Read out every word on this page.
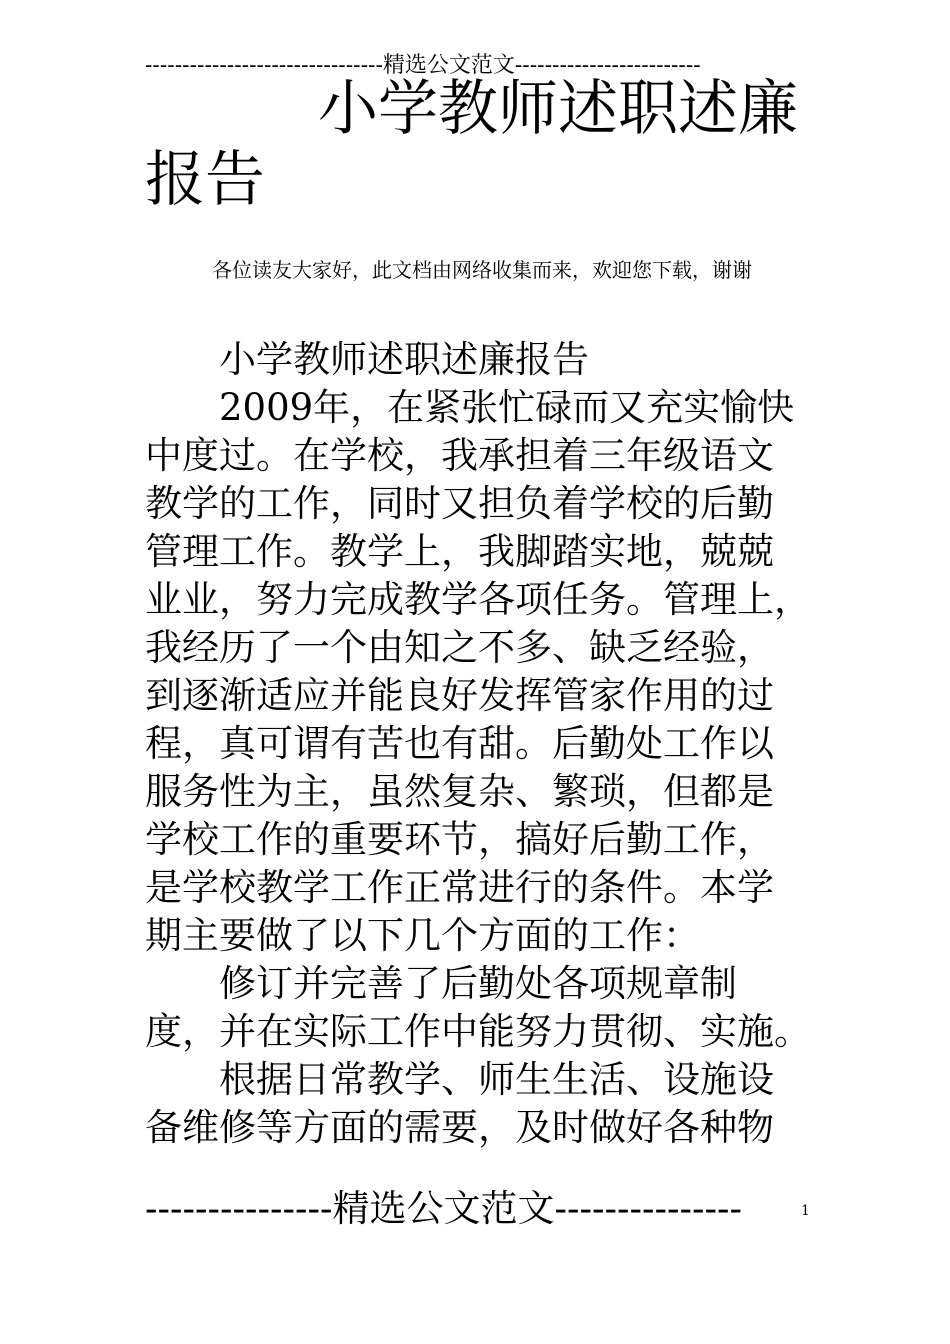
--------------------------------精选公文范文-------------------------
小学教师述职述廉
报告
各位读友大家好，此文档由网络收集而来，欢迎您下载，谢谢
　　小学教师述职述廉报告
　　2009年，在紧张忙碌而又充实愉快
中度过。在学校，我承担着三年级语文
教学的工作，同时又担负着学校的后勤
管理工作。教学上，我脚踏实地，兢兢
业业，努力完成教学各项任务。管理上，
我经历了一个由知之不多、缺乏经验，
到逐渐适应并能良好发挥管家作用的过
程，真可谓有苦也有甜。后勤处工作以
服务性为主，虽然复杂、繁琐，但都是
学校工作的重要环节，搞好后勤工作，
是学校教学工作正常进行的条件。本学
期主要做了以下几个方面的工作：
　　修订并完善了后勤处各项规章制
度，并在实际工作中能努力贯彻、实施。
　　根据日常教学、师生生活、设施设
备维修等方面的需要，及时做好各种物
---------------精选公文范文---------------	1
